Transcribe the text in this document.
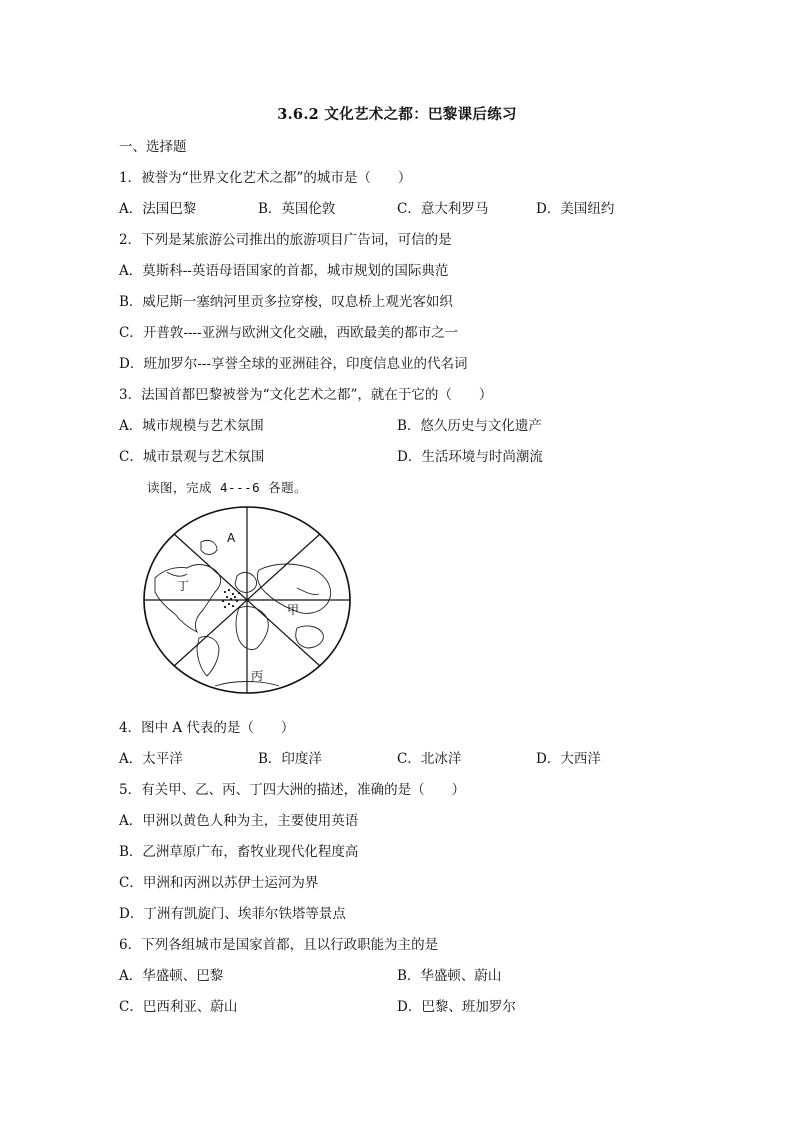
3.6.2 文化艺术之都：巴黎课后练习
一、选择题
1．被誉为“世界文化艺术之都”的城市是（　　）
A．法国巴黎	B．英国伦敦	C．意大利罗马	D．美国纽约
2．下列是某旅游公司推出的旅游项目广告词，可信的是
A．莫斯科--英语母语国家的首都，城市规划的国际典范
B．威尼斯一塞纳河里贡多拉穿梭，叹息桥上观光客如织
C．开普敦----亚洲与欧洲文化交融，西欧最美的都市之一
D．班加罗尔---享誉全球的亚洲硅谷，印度信息业的代名词
3．法国首都巴黎被誉为“文化艺术之都”，就在于它的（　　）
A．城市规模与艺术氛围	B．悠久历史与文化遗产
C．城市景观与艺术氛围	D．生活环境与时尚潮流
读图，完成 4---6 各题。
A
丁
甲
丙
4．图中 A 代表的是（　　）
A．太平洋	B．印度洋	C．北冰洋	D．大西洋
5．有关甲、乙、丙、丁四大洲的描述，准确的是（　　）
A．甲洲以黄色人种为主，主要使用英语
B．乙洲草原广布，畜牧业现代化程度高
C．甲洲和丙洲以苏伊士运河为界
D．丁洲有凯旋门、埃菲尔铁塔等景点
6．下列各组城市是国家首都，且以行政职能为主的是
A．华盛顿、巴黎	B．华盛顿、蔚山
C．巴西利亚、蔚山	D．巴黎、班加罗尔
